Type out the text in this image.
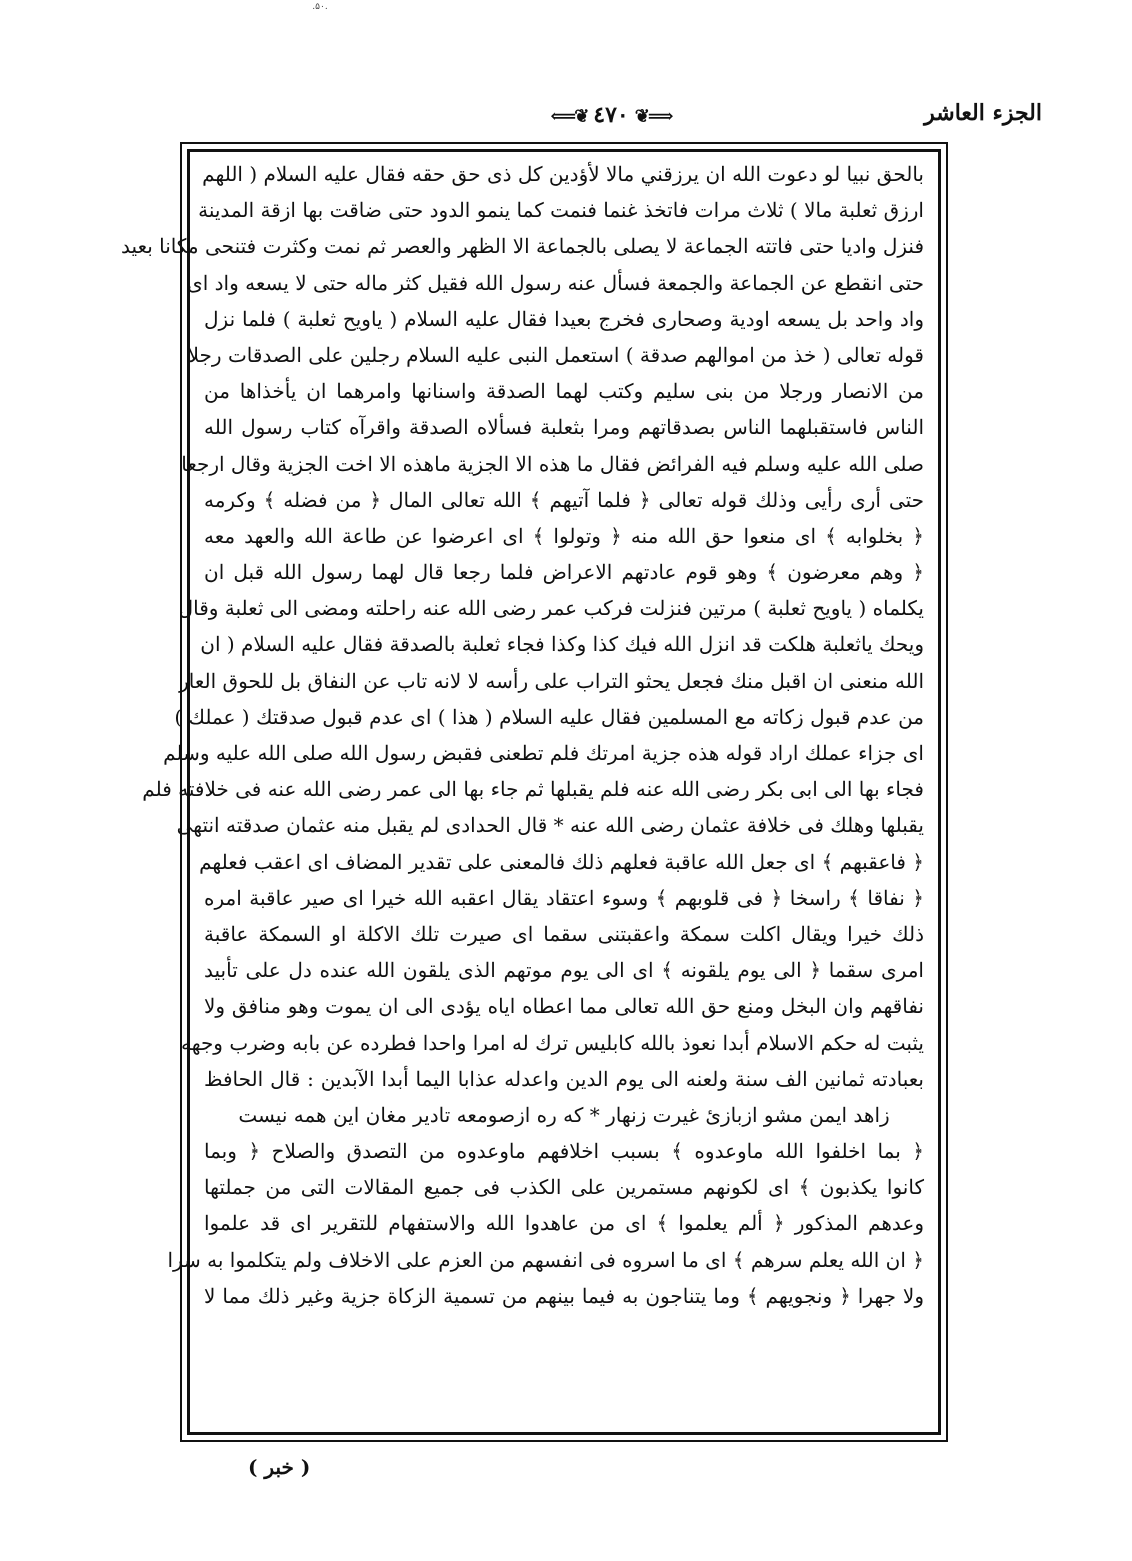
.۵۰.
الجزء العاشر
⟸❦ ٤٧٠ ❦⟹
بالحق نبيا لو دعوت الله ان يرزقني مالا لأؤدين كل ذى حق حقه فقال عليه السلام ( اللهم
ارزق ثعلبة مالا ) ثلاث مرات فاتخذ غنما فنمت كما ينمو الدود حتى ضاقت بها ازقة المدينة
فنزل واديا حتى فاتته الجماعة لا يصلى بالجماعة الا الظهر والعصر ثم نمت وكثرت فتنحى مكانا بعيد
حتى انقطع عن الجماعة والجمعة فسأل عنه رسول الله فقيل كثر ماله حتى لا يسعه واد اى
واد واحد بل يسعه اودية وصحارى فخرج بعيدا فقال عليه السلام ( ياويح ثعلبة ) فلما نزل
قوله تعالى ( خذ من اموالهم صدقة ) استعمل النبى عليه السلام رجلين على الصدقات رجلا
من الانصار ورجلا من بنى سليم وكتب لهما الصدقة واسنانها وامرهما ان يأخذاها من
الناس فاستقبلهما الناس بصدقاتهم ومرا بثعلبة فسألاه الصدقة واقرآه كتاب رسول الله
صلى الله عليه وسلم فيه الفرائض فقال ما هذه الا الجزية ماهذه الا اخت الجزية وقال ارجعا
حتى أرى رأيى وذلك قوله تعالى ﴿ فلما آتيهم ﴾ الله تعالى المال ﴿ من فضله ﴾ وكرمه
﴿ بخلوابه ﴾ اى منعوا حق الله منه ﴿ وتولوا ﴾ اى اعرضوا عن طاعة الله والعهد معه
﴿ وهم معرضون ﴾ وهو قوم عادتهم الاعراض فلما رجعا قال لهما رسول الله قبل ان
يكلماه ( ياويح ثعلبة ) مرتين فنزلت فركب عمر رضى الله عنه راحلته ومضى الى ثعلبة وقال
ويحك ياثعلبة هلكت قد انزل الله فيك كذا وكذا فجاء ثعلبة بالصدقة فقال عليه السلام ( ان
الله منعنى ان اقبل منك فجعل يحثو التراب على رأسه لا لانه تاب عن النفاق بل للحوق العار
من عدم قبول زكاته مع المسلمين فقال عليه السلام ( هذا ) اى عدم قبول صدقتك ( عملك )
اى جزاء عملك اراد قوله هذه جزية امرتك فلم تطعنى فقبض رسول الله صلى الله عليه وسلم
فجاء بها الى ابى بكر رضى الله عنه فلم يقبلها ثم جاء بها الى عمر رضى الله عنه فى خلافته فلم
يقبلها وهلك فى خلافة عثمان رضى الله عنه * قال الحدادى لم يقبل منه عثمان صدقته انتهى
﴿ فاعقبهم ﴾ اى جعل الله عاقبة فعلهم ذلك فالمعنى على تقدير المضاف اى اعقب فعلهم
﴿ نفاقا ﴾ راسخا ﴿ فى قلوبهم ﴾ وسوء اعتقاد يقال اعقبه الله خيرا اى صير عاقبة امره
ذلك خيرا ويقال اكلت سمكة واعقبتنى سقما اى صيرت تلك الاكلة او السمكة عاقبة
امرى سقما ﴿ الى يوم يلقونه ﴾ اى الى يوم موتهم الذى يلقون الله عنده دل على تأبيد
نفاقهم وان البخل ومنع حق الله تعالى مما اعطاه اياه يؤدى الى ان يموت وهو منافق ولا
يثبت له حكم الاسلام أبدا نعوذ بالله كابليس ترك له امرا واحدا فطرده عن بابه وضرب وجهه
بعبادته ثمانين الف سنة ولعنه الى يوم الدين واعدله عذابا اليما أبدا الآبدين : قال الحافظ
زاهد ايمن مشو ازبازئ غيرت زنهار * كه ره ازصومعه تادير مغان اين همه نيست
﴿ بما اخلفوا الله ماوعدوه ﴾ بسبب اخلافهم ماوعدوه من التصدق والصلاح ﴿ وبما
كانوا يكذبون ﴾ اى لكونهم مستمرين على الكذب فى جميع المقالات التى من جملتها
وعدهم المذكور ﴿ ألم يعلموا ﴾ اى من عاهدوا الله والاستفهام للتقرير اى قد علموا
﴿ ان الله يعلم سرهم ﴾ اى ما اسروه فى انفسهم من العزم على الاخلاف ولم يتكلموا به سرا
ولا جهرا ﴿ ونجويهم ﴾ وما يتناجون به فيما بينهم من تسمية الزكاة جزية وغير ذلك مما لا
( خبر )
